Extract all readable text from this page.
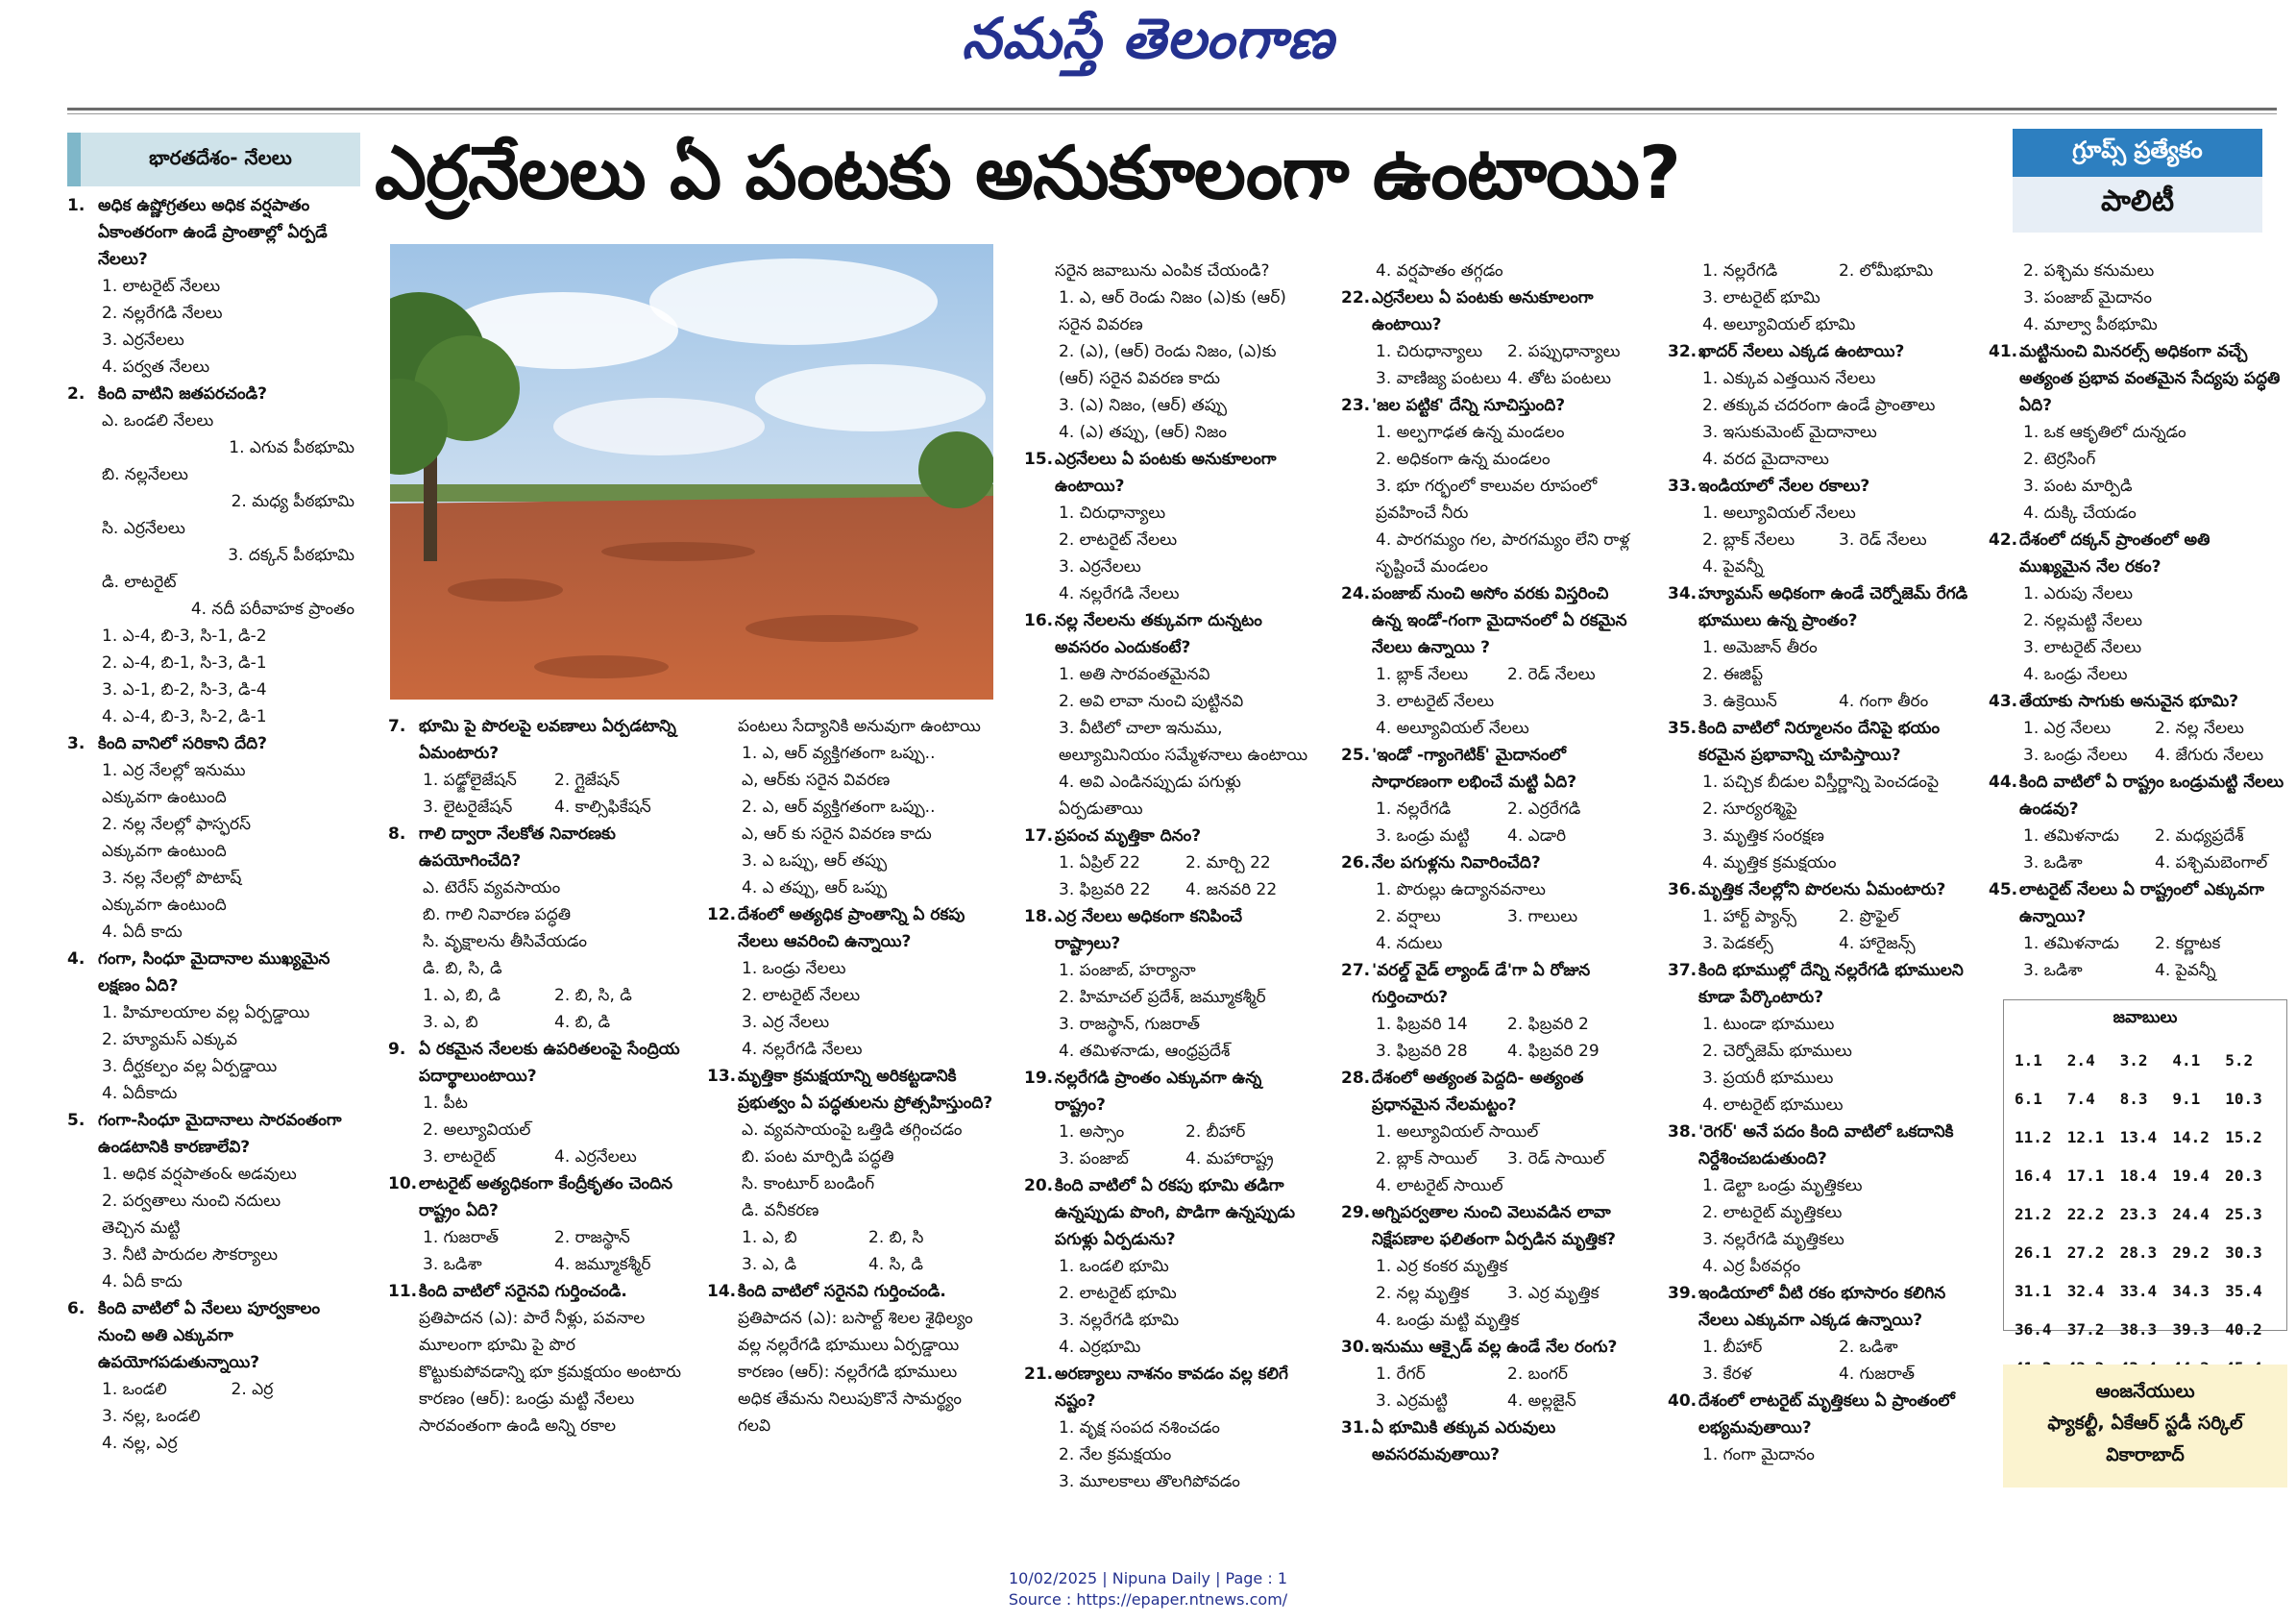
నమస్తే తెలంగాణ
భారతదేశం- నేలలు	ఎర్రనేలలు ఏ పంటకు అనుకూలంగా ఉంటాయి?	గ్రూప్స్ ప్రత్యేకం
పాలిటీ
1. అధిక ఉష్ణోగ్రతలు అధిక వర్షపాతం ఏకాంతరంగా ఉండే ప్రాంతాల్లో ఏర్పడే నేలలు?
1. లాటరైట్ నేలలు
2. నల్లరేగడి నేలలు
3. ఎర్రనేలలు
4. పర్వత నేలలు
2. కింది వాటిని జతపరచండి?
ఎ. ఒండలి నేలలు
1. ఎగువ పీఠభూమి
బి. నల్లనేలలు
2. మధ్య పీఠభూమి
సి. ఎర్రనేలలు
3. దక్కన్ పీఠభూమి
డి. లాటరైట్
4. నదీ పరీవాహక ప్రాంతం
1. ఎ-4, బి-3, సి-1, డి-2
2. ఎ-4, బి-1, సి-3, డి-1
3. ఎ-1, బి-2, సి-3, డి-4
4. ఎ-4, బి-3, సి-2, డి-1
3. కింది వానిలో సరికాని దేది?
1. ఎర్ర నేలల్లో ఇనుము
ఎక్కువగా ఉంటుంది
2. నల్ల నేలల్లో ఫాస్ఫరస్
ఎక్కువగా ఉంటుంది
3. నల్ల నేలల్లో పొటాష్
ఎక్కువగా ఉంటుంది
4. ఏదీ కాదు
4. గంగా, సింధూ మైదానాల ముఖ్యమైన లక్షణం ఏది?
1. హిమాలయాల వల్ల ఏర్పడ్డాయి
2. హ్యూమస్ ఎక్కువ
3. దీర్ఘకల్పం వల్ల ఏర్పడ్డాయి
4. ఏదీకాదు
5. గంగా-సింధూ మైదానాలు సారవంతంగా ఉండటానికి కారణాలేవి?
1. అధిక వర్షపాతం& అడవులు
2. పర్వతాలు నుంచి నదులు
తెచ్చిన మట్టి
3. నీటి పారుదల సౌకర్యాలు
4. ఏదీ కాదు
6. కింది వాటిలో ఏ నేలలు పూర్వకాలం నుంచి అతి ఎక్కువగా ఉపయోగపడుతున్నాయి?
1. ఒండలి	2. ఎర్ర
3. నల్ల, ఒండలి
4. నల్ల, ఎర్ర
7. భూమి పై పొరలపై లవణాలు ఏర్పడటాన్ని ఏమంటారు?
1. పఢ్జోలైజేషన్	2. గ్లైజేషన్
3. లైటరైజేషన్	4. కాల్సిఫికేషన్
8. గాలి ద్వారా నేలకోత నివారణకు ఉపయోగించేది?
ఎ. టెరేస్ వ్యవసాయం
బి. గాలి నివారణ పద్ధతి
సి. వృక్షాలను తీసివేయడం
డి. బి, సి, డి
1. ఎ, బి, డి	2. బి, సి, డి
3. ఎ, బి	4. బి, డి
9. ఏ రకమైన నేలలకు ఉపరితలంపై సేంద్రియ పదార్థాలుంటాయి?
1. పీట
2. అల్యూవియల్
3. లాటరైట్	4. ఎర్రనేలలు
10. లాటరైట్ అత్యధికంగా కేంద్రీకృతం చెందిన రాష్ట్రం ఏది?
1. గుజరాత్	2. రాజస్థాన్
3. ఒడిశా	4. జమ్మూకశ్మీర్
11. కింది వాటిలో సరైనవి గుర్తించండి.
ప్రతిపాదన (ఎ): పారే నీళ్లు, పవనాల మూలంగా భూమి పై పొర కొట్టుకుపోవడాన్ని భూ క్రమక్షయం అంటారు
కారణం (ఆర్): ఒండ్రు మట్టి నేలలు సారవంతంగా ఉండి అన్ని రకాల
పంటలు సేద్యానికి అనువుగా ఉంటాయి
1. ఎ, ఆర్ వ్యక్తిగతంగా ఒప్పు..
ఎ, ఆర్‌కు సరైన వివరణ
2. ఎ, ఆర్ వ్యక్తిగతంగా ఒప్పు..
ఎ, ఆర్ కు సరైన వివరణ కాదు
3. ఎ ఒప్పు, ఆర్ తప్పు
4. ఎ తప్పు, ఆర్ ఒప్పు
12. దేశంలో అత్యధిక ప్రాంతాన్ని ఏ రకపు నేలలు ఆవరించి ఉన్నాయి?
1. ఒండ్రు నేలలు
2. లాటరైట్ నేలలు
3. ఎర్ర నేలలు
4. నల్లరేగడి నేలలు
13. మృత్తికా క్రమక్షయాన్ని అరికట్టడానికి ప్రభుత్వం ఏ పద్ధతులను ప్రోత్సహిస్తుంది?
ఎ. వ్యవసాయంపై ఒత్తిడి తగ్గించడం
బి. పంట మార్పిడి పద్ధతి
సి. కాంటూర్ బండింగ్
డి. వనీకరణ
1. ఎ, బి	2. బి, సి
3. ఎ, డి	4. సి, డి
14. కింది వాటిలో సరైనవి గుర్తించండి.
ప్రతిపాదన (ఎ): బసాల్ట్ శిలల శైథిల్యం వల్ల నల్లరేగడి భూములు ఏర్పడ్డాయి
కారణం (ఆర్): నల్లరేగడి భూములు అధిక తేమను నిలుపుకొనే సామర్థ్యం గలవి
సరైన జవాబును ఎంపిక చేయండి?
1. ఎ, ఆర్ రెండు నిజం (ఎ)కు (ఆర్) సరైన వివరణ
2. (ఎ), (ఆర్) రెండు నిజం, (ఎ)కు (ఆర్) సరైన వివరణ కాదు
3. (ఎ) నిజం, (ఆర్) తప్పు
4. (ఎ) తప్పు, (ఆర్) నిజం
15. ఎర్రనేలలు ఏ పంటకు అనుకూలంగా ఉంటాయి?
1. చిరుధాన్యాలు
2. లాటరైట్ నేలలు
3. ఎర్రనేలలు
4. నల్లరేగడి నేలలు
16. నల్ల నేలలను తక్కువగా దున్నటం అవసరం ఎందుకంటే?
1. అతి సారవంతమైనవి
2. అవి లావా నుంచి పుట్టినవి
3. వీటిలో చాలా ఇనుము, అల్యూమినియం సమ్మేళనాలు ఉంటాయి
4. అవి ఎండినప్పుడు పగుళ్లు ఏర్పడుతాయి
17. ప్రపంచ మృత్తికా దినం?
1. ఏప్రిల్ 22	2. మార్చి 22
3. ఫిబ్రవరి 22	4. జనవరి 22
18. ఎర్ర నేలలు అధికంగా కనిపించే రాష్ట్రాలు?
1. పంజాబ్, హర్యానా
2. హిమాచల్ ప్రదేశ్, జమ్మూకశ్మీర్
3. రాజస్థాన్, గుజరాత్
4. తమిళనాడు, ఆంధ్రప్రదేశ్
19. నల్లరేగడి ప్రాంతం ఎక్కువగా ఉన్న రాష్ట్రం?
1. అస్సాం	2. బీహార్
3. పంజాబ్	4. మహారాష్ట్ర
20. కింది వాటిలో ఏ రకపు భూమి తడిగా ఉన్నప్పుడు పొంగి, పొడిగా ఉన్నప్పుడు పగుళ్లు ఏర్పడును?
1. ఒండలి భూమి
2. లాటరైట్ భూమి
3. నల్లరేగడి భూమి
4. ఎర్రభూమి
21. అరణ్యాలు నాశనం కావడం వల్ల కలిగే నష్టం?
1. వృక్ష సంపద నశించడం
2. నేల క్రమక్షయం
3. మూలకాలు తొలగిపోవడం
4. వర్షపాతం తగ్గడం
22. ఎర్రనేలలు ఏ పంటకు అనుకూలంగా ఉంటాయి?
1. చిరుధాన్యాలు	2. పప్పుధాన్యాలు
3. వాణిజ్య పంటలు 4. తోట పంటలు
23. 'జల పట్టిక' దేన్ని సూచిస్తుంది?
1. అల్పగాఢత ఉన్న మండలం
2. అధికంగా ఉన్న మండలం
3. భూ గర్భంలో కాలువల రూపంలో ప్రవహించే నీరు
4. పారగమ్యం గల, పారగమ్యం లేని రాళ్ల సృష్టించే మండలం
24. పంజాబ్ నుంచి అసోం వరకు విస్తరించి ఉన్న ఇండో-గంగా మైదానంలో ఏ రకమైన నేలలు ఉన్నాయి ?
1. బ్లాక్ నేలలు	2. రెడ్ నేలలు
3. లాటరైట్ నేలలు
4. అల్యూవియల్ నేలలు
25. 'ఇండో -గ్యాంగెటిక్' మైదానంలో సాధారణంగా లభించే మట్టి ఏది?
1. నల్లరేగడి	2. ఎర్రరేగడి
3. ఒండ్రు మట్టి	4. ఎడారి
26. నేల పగుళ్లను నివారించేది?
1. పొరుల్లు ఉద్యానవనాలు
2. వర్షాలు	3. గాలులు
4. నదులు
27. 'వరల్డ్ వైడ్ ల్యాండ్ డే'గా ఏ రోజున గుర్తించారు?
1. ఫిబ్రవరి 14	2. ఫిబ్రవరి 2
3. ఫిబ్రవరి 28	4. ఫిబ్రవరి 29
28. దేశంలో అత్యంత పెద్దది- అత్యంత ప్రధానమైన నేలమట్టం?
1. అల్యూవియల్ సాయిల్
2. బ్లాక్ సాయిల్	3. రెడ్ సాయిల్
4. లాటరైట్ సాయిల్
29. అగ్నిపర్వతాల నుంచి వెలువడిన లావా నిక్షేపణాల ఫలితంగా ఏర్పడిన మృత్తిక?
1. ఎర్ర కంకర మృత్తిక
2. నల్ల మృత్తిక	3. ఎర్ర మృత్తిక
4. ఒండ్రు మట్టి మృత్తిక
30. ఇనుము ఆక్సైడ్ వల్ల ఉండే నేల రంగు?
1. రేగర్	2. బంగర్
3. ఎర్రమట్టి	4. అల్లజైన్
31. ఏ భూమికి తక్కువ ఎరువులు అవసరమవుతాయి?
1. నల్లరేగడి	2. లోమీభూమి
3. లాటరైట్ భూమి
4. అల్యూవియల్ భూమి
32. ఖాదర్ నేలలు ఎక్కడ ఉంటాయి?
1. ఎక్కువ ఎత్తయిన నేలలు
2. తక్కువ చదరంగా ఉండే ప్రాంతాలు
3. ఇసుకుమెంట్ మైదానాలు
4. వరద మైదానాలు
33. ఇండియాలో నేలల రకాలు?
1. అల్యూవియల్ నేలలు
2. బ్లాక్ నేలలు	3. రెడ్ నేలలు
4. పైవన్నీ
34. హ్యూమస్ అధికంగా ఉండే చెర్నోజెమ్ రేగడి భూములు ఉన్న ప్రాంతం?
1. అమెజాన్ తీరం
2. ఈజిప్ట్
3. ఉక్రెయిన్	4. గంగా తీరం
35. కింది వాటిలో నిర్మూలనం దేనిపై భయం కరమైన ప్రభావాన్ని చూపిస్తాయి?
1. పచ్చిక బీడుల విస్తీర్ణాన్ని పెంచడంపై
2. సూర్యరశ్మిపై
3. మృత్తిక సంరక్షణ
4. మృత్తిక క్రమక్షయం
36. మృత్తిక నేలల్లోని పొరలను ఏమంటారు?
1. హార్ట్ ప్యాన్స్	2. ప్రొఫైల్
3. పెడకల్స్	4. హారైజన్స్
37. కింది భూముల్లో దేన్ని నల్లరేగడి భూములని కూడా పేర్కొంటారు?
1. టుండా భూములు
2. చెర్నోజెమ్ భూములు
3. ప్రయరీ భూములు
4. లాటరైట్ భూములు
38. 'రెగర్' అనే పదం కింది వాటిలో ఒకదానికి నిర్దేశించబడుతుంది?
1. డెల్టా ఒండ్రు మృత్తికలు
2. లాటరైట్ మృత్తికలు
3. నల్లరేగడి మృత్తికలు
4. ఎర్ర పీఠవర్గం
39. ఇండియాలో వీటి రకం భూసారం కలిగిన నేలలు ఎక్కువగా ఎక్కడ ఉన్నాయి?
1. బీహార్	2. ఒడిశా
3. కేరళ	4. గుజరాత్
40. దేశంలో లాటరైట్ మృత్తికలు ఏ ప్రాంతంలో లభ్యమవుతాయి?
1. గంగా మైదానం
2. పశ్చిమ కనుమలు
3. పంజాబ్ మైదానం
4. మాల్వా పీఠభూమి
41. మట్టినుంచి మినరల్స్ అధికంగా వచ్చే అత్యంత ప్రభావ వంతమైన సేద్యపు పద్ధతి ఏది?
1. ఒక ఆకృతిలో దున్నడం
2. టెర్రసింగ్
3. పంట మార్పిడి
4. దుక్కి చేయడం
42. దేశంలో దక్కన్ ప్రాంతంలో అతి ముఖ్యమైన నేల రకం?
1. ఎరుపు నేలలు
2. నల్లమట్టి నేలలు
3. లాటరైట్ నేలలు
4. ఒండ్రు నేలలు
43. తేయాకు సాగుకు అనువైన భూమి?
1. ఎర్ర నేలలు	2. నల్ల నేలలు
3. ఒండ్రు నేలలు	4. జేగురు నేలలు
44. కింది వాటిలో ఏ రాష్ట్రం ఒండ్రుమట్టి నేలలు ఉండవు?
1. తమిళనాడు	2. మధ్యప్రదేశ్
3. ఒడిశా	4. పశ్చిమబెంగాల్
45. లాటరైట్ నేలలు ఏ రాష్ట్రంలో ఎక్కువగా ఉన్నాయి?
1. తమిళనాడు	2. కర్ణాటక
3. ఒడిశా	4. పైవన్నీ
జవాబులు
1.1	2.4	3.2	4.1	5.2
6.1	7.4	8.3	9.1	10.3
11.2	12.1	13.4	14.2	15.2
16.4	17.1	18.4	19.4	20.3
21.2	22.2	23.3	24.4	25.3
26.1	27.2	28.3	29.2	30.3
31.1	32.4	33.4	34.3	35.4
36.4	37.2	38.3	39.3	40.2

ఆంజనేయులు
ఫ్యాకల్టీ, ఏకేఆర్ స్టడీ సర్కిల్
వికారాబాద్
10/02/2025 | Nipuna Daily | Page : 1
Source : https://epaper.ntnews.com/
